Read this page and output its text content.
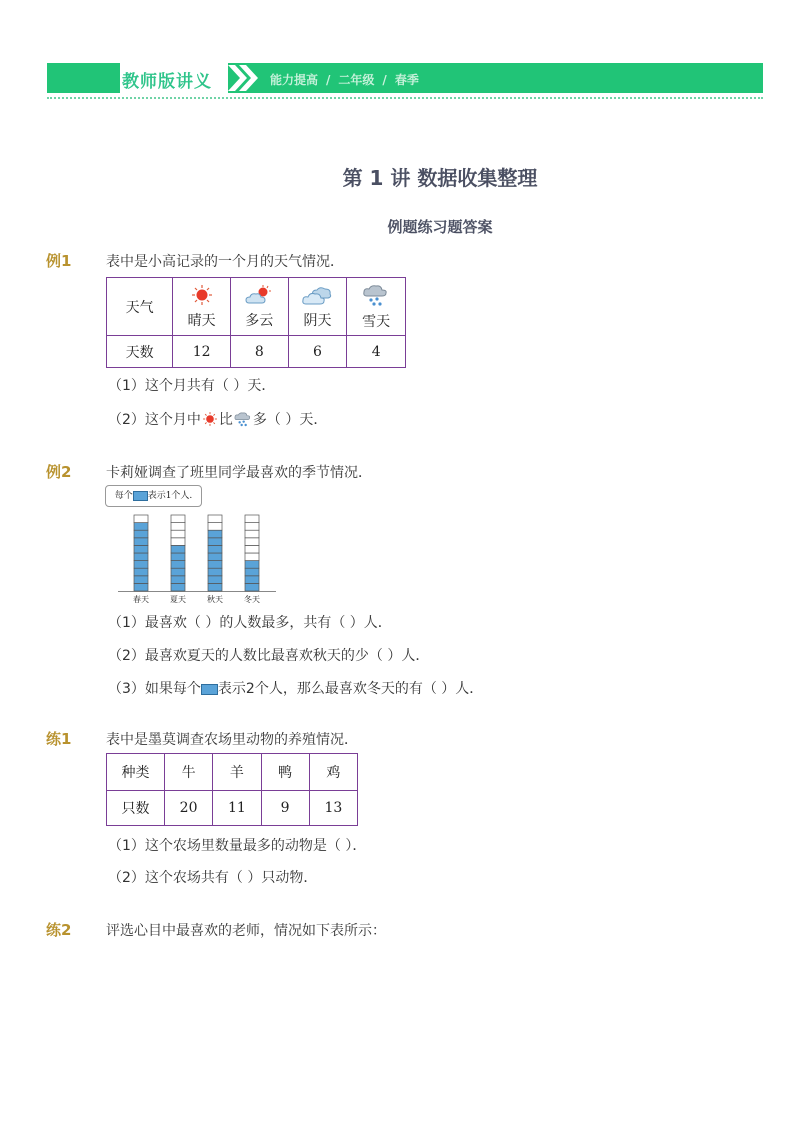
教师版讲义	能力提高 / 二年级 / 春季
第 1 讲 数据收集整理
例题练习题答案
例1 表中是小高记录的一个月的天气情况．
天气	晴天	多云	阴天	雪天

天数	12	8	6	4
（1）这个月共有（ ）天．
（2）这个月中 比 多（ ）天．
例2 卡莉娅调查了班里同学最喜欢的季节情况．
每个 表示1个人.
春天	夏天	秋天	冬天
（1）最喜欢（ ）的人数最多，共有（ ）人．
（2）最喜欢夏天的人数比最喜欢秋天的少（ ）人．
（3）如果每个 表示2个人，那么最喜欢冬天的有（ ）人．
练1 表中是墨莫调查农场里动物的养殖情况．
种类	牛	羊	鸭	鸡
只数	20	11	9	13
（1）这个农场里数量最多的动物是（ ）．
（2）这个农场共有（ ）只动物．
练2 评选心目中最喜欢的老师，情况如下表所示：
